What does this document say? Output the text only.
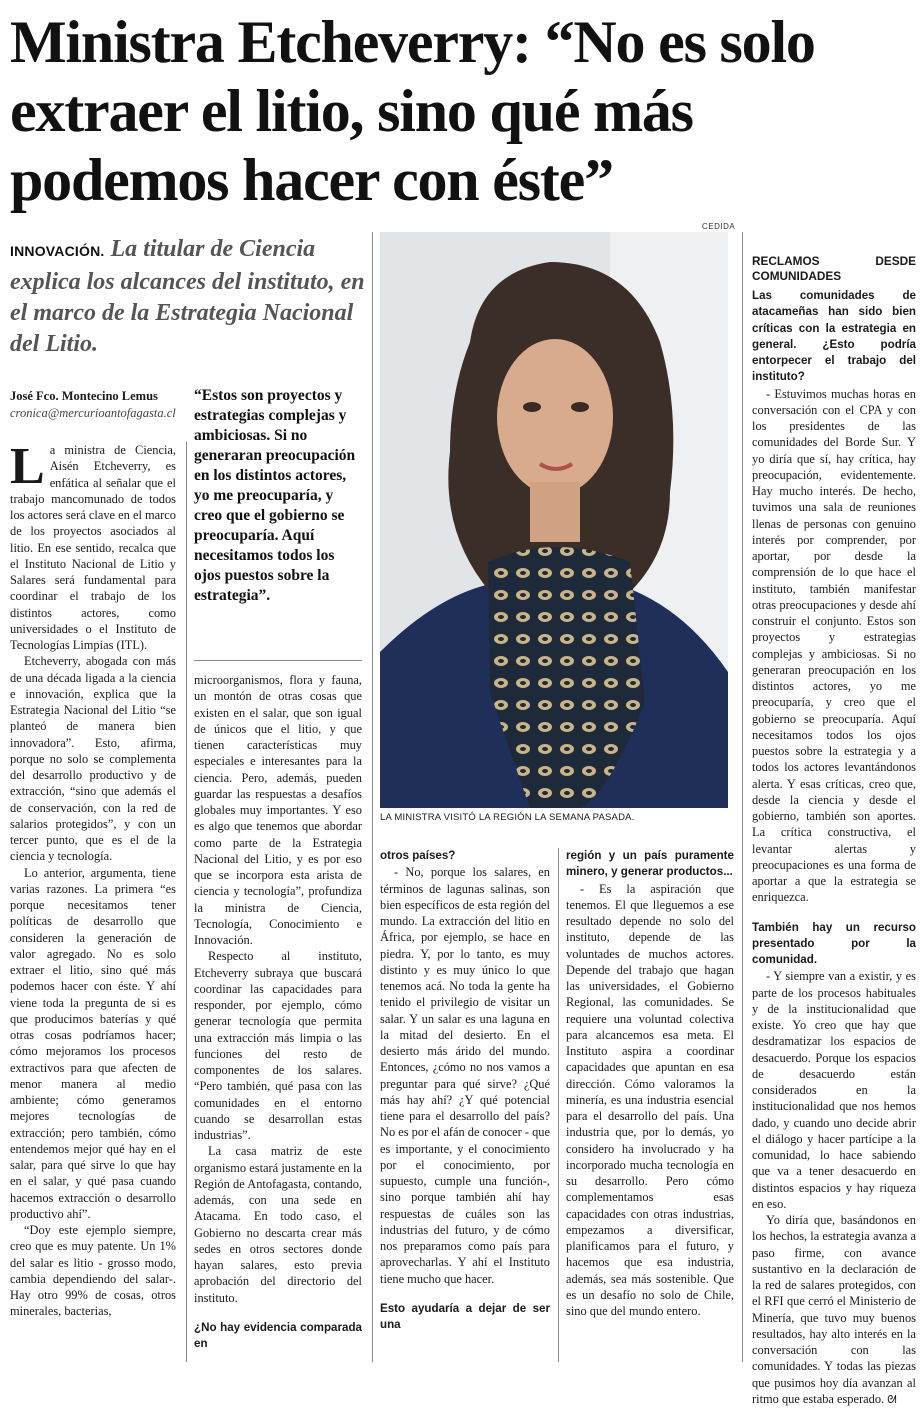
Ministra Etcheverry: “No es solo extraer el litio, sino qué más podemos hacer con éste”
INNOVACIÓN. La titular de Ciencia explica los alcances del instituto, en el marco de la Estrategia Nacional del Litio.
José Fco. Montecino Lemus
cronica@mercurioantofagasta.cl

“Estos son proyectos y estrategias complejas y ambiciosas. Si no generaran preocupación en los distintos actores, yo me preocuparía, y creo que el gobierno se preocuparía. Aquí necesitamos todos los ojos puestos sobre la estrategia”.

La ministra de Ciencia, Aisén Etcheverry, es enfática al señalar que el trabajo mancomunado de todos los actores será clave en el marco de los proyectos asociados al litio. En ese sentido, recalca que el Instituto Nacional de Litio y Salares será fundamental para coordinar el trabajo de los distintos actores, como universidades o el Instituto de Tecnologías Limpias (ITL).

Etcheverry, abogada con más de una década ligada a la ciencia e innovación, explica que la Estrategia Nacional del Litio “se planteó de manera bien innovadora”. Esto, afirma, porque no solo se complementa del desarrollo productivo y de extracción, “sino que además el de conservación, con la red de salarios protegidos”, y con un tercer punto, que es el de la ciencia y tecnología.

Lo anterior, argumenta, tiene varias razones. La primera “es porque necesitamos tener políticas de desarrollo que consideren la generación de valor agregado. No es solo extraer el litio, sino qué más podemos hacer con éste. Y ahí viene toda la pregunta de si es que producimos baterías y qué otras cosas podríamos hacer; cómo mejoramos los procesos extractivos para que afecten de menor manera al medio ambiente; cómo generamos mejores tecnologías de extracción; pero también, cómo entendemos mejor qué hay en el salar, para qué sirve lo que hay en el salar, y qué pasa cuando hacemos extracción o desarrollo productivo ahí”.

“Doy este ejemplo siempre, creo que es muy patente. Un 1% del salar es litio - grosso modo, cambia dependiendo del salar-. Hay otro 99% de cosas, otros minerales, bacterias,

microorganismos, flora y fauna, un montón de otras cosas que existen en el salar, que son igual de únicos que el litio, y que tienen características muy especiales e interesantes para la ciencia. Pero, además, pueden guardar las respuestas a desafíos globales muy importantes. Y eso es algo que tenemos que abordar como parte de la Estrategia Nacional del Litio, y es por eso que se incorpora esta arista de ciencia y tecnología”, profundiza la ministra de Ciencia, Tecnología, Conocimiento e Innovación.

Respecto al instituto, Etcheverry subraya que buscará coordinar las capacidades para responder, por ejemplo, cómo generar tecnología que permita una extracción más limpia o las funciones del resto de componentes de los salares. “Pero también, qué pasa con las comunidades en el entorno cuando se desarrollan estas industrias”.

La casa matriz de este organismo estará justamente en la Región de Antofagasta, contando, además, con una sede en Atacama. En todo caso, el Gobierno no descarta crear más sedes en otros sectores donde hayan salares, esto previa aprobación del directorio del instituto.

¿No hay evidencia comparada en

CEDIDA
LA MINISTRA VISITÓ LA REGIÓN LA SEMANA PASADA.

otros países?

- No, porque los salares, en términos de lagunas salinas, son bien específicos de esta región del mundo. La extracción del litio en África, por ejemplo, se hace en piedra. Y, por lo tanto, es muy distinto y es muy único lo que tenemos acá. No toda la gente ha tenido el privilegio de visitar un salar. Y un salar es una laguna en la mitad del desierto. En el desierto más árido del mundo. Entonces, ¿cómo no nos vamos a preguntar para qué sirve? ¿Qué más hay ahí? ¿Y qué potencial tiene para el desarrollo del país? No es por el afán de conocer - que es importante, y el conocimiento por el conocimiento, por supuesto, cumple una función-, sino porque también ahí hay respuestas de cuáles son las industrias del futuro, y de cómo nos preparamos como país para aprovecharlas. Y ahí el Instituto tiene mucho que hacer.

Esto ayudaría a dejar de ser una

región y un país puramente minero, y generar productos...

- Es la aspiración que tenemos. El que lleguemos a ese resultado depende no solo del instituto, depende de las voluntades de muchos actores. Depende del trabajo que hagan las universidades, el Gobierno Regional, las comunidades. Se requiere una voluntad colectiva para alcancemos esa meta. El Instituto aspira a coordinar capacidades que apuntan en esa dirección. Cómo valoramos la minería, es una industria esencial para el desarrollo del país. Una industria que, por lo demás, yo considero ha involucrado y ha incorporado mucha tecnología en su desarrollo. Pero cómo complementamos esas capacidades con otras industrias, empezamos a diversificar, planificamos para el futuro, y hacemos que esa industria, además, sea más sostenible. Que es un desafío no solo de Chile, sino que del mundo entero.

RECLAMOS DESDE COMUNIDADES

Las comunidades de atacameñas han sido bien críticas con la estrategia en general. ¿Esto podría entorpecer el trabajo del instituto?

- Estuvimos muchas horas en conversación con el CPA y con los presidentes de las comunidades del Borde Sur. Y yo diría que sí, hay crítica, hay preocupación, evidentemente. Hay mucho interés. De hecho, tuvimos una sala de reuniones llenas de personas con genuino interés por comprender, por aportar, por desde la comprensión de lo que hace el instituto, también manifestar otras preocupaciones y desde ahí construir el conjunto. Estos son proyectos y estrategias complejas y ambiciosas. Si no generaran preocupación en los distintos actores, yo me preocuparía, y creo que el gobierno se preocuparía. Aquí necesitamos todos los ojos puestos sobre la estrategia y a todos los actores levantándonos alerta. Y esas críticas, creo que, desde la ciencia y desde el gobierno, también son aportes. La crítica constructiva, el levantar alertas y preocupaciones es una forma de aportar a que la estrategia se enriquezca.

También hay un recurso presentado por la comunidad.

- Y siempre van a existir, y es parte de los procesos habituales y de la institucionalidad que existe. Yo creo que hay que desdramatizar los espacios de desacuerdo. Porque los espacios de desacuerdo están considerados en la institucionalidad que nos hemos dado, y cuando uno decide abrir el diálogo y hacer partícipe a la comunidad, lo hace sabiendo que va a tener desacuerdo en distintos espacios y hay riqueza en eso.

Yo diría que, basándonos en los hechos, la estrategia avanza a paso firme, con avance sustantivo en la declaración de la red de salares protegidos, con el RFI que cerró el Ministerio de Minería, que tuvo muy buenos resultados, hay alto interés en la conversación con las comunidades. Y todas las piezas que pusimos hoy día avanzan al ritmo que estaba esperado. ᘛ
